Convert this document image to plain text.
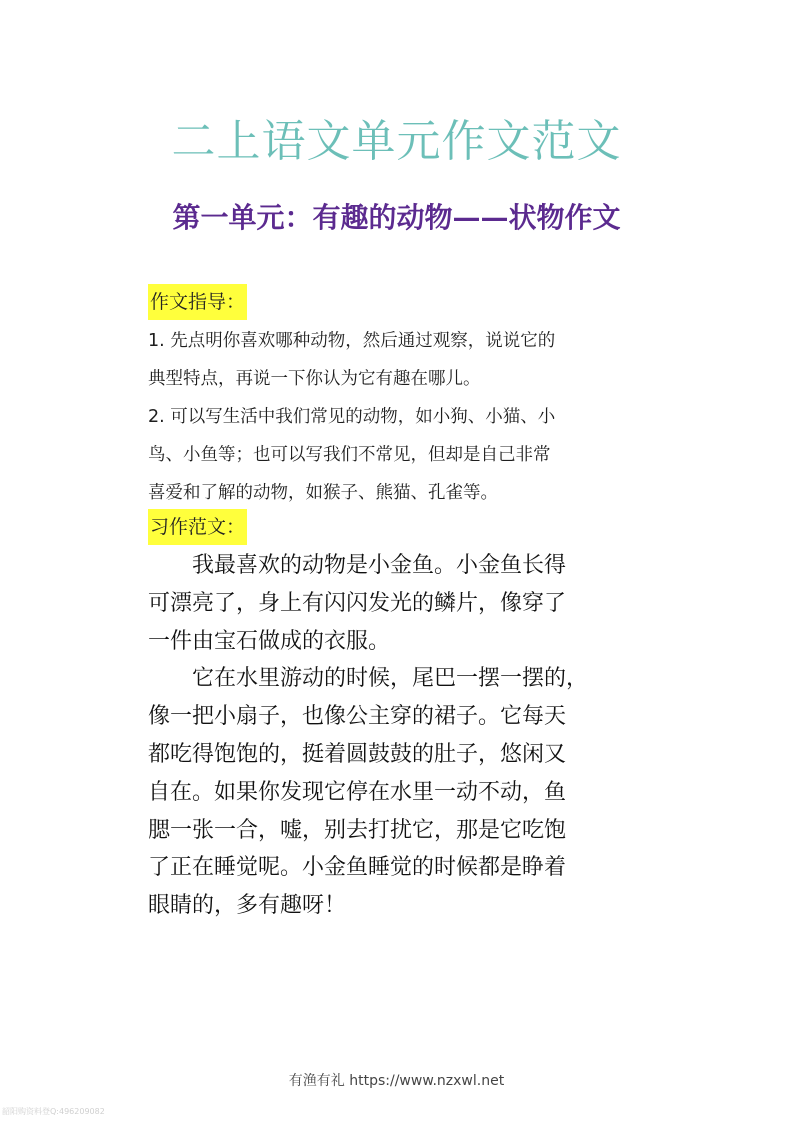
二上语文单元作文范文
第一单元：有趣的动物——状物作文
作文指导：
1. 先点明你喜欢哪种动物，然后通过观察，说说它的
典型特点，再说一下你认为它有趣在哪儿。
2. 可以写生活中我们常见的动物，如小狗、小猫、小
鸟、小鱼等；也可以写我们不常见，但却是自己非常
喜爱和了解的动物，如猴子、熊猫、孔雀等。
习作范文：
　　我最喜欢的动物是小金鱼。小金鱼长得
可漂亮了，身上有闪闪发光的鳞片，像穿了
一件由宝石做成的衣服。
　　它在水里游动的时候，尾巴一摆一摆的，
像一把小扇子，也像公主穿的裙子。它每天
都吃得饱饱的，挺着圆鼓鼓的肚子，悠闲又
自在。如果你发现它停在水里一动不动，鱼
腮一张一合，嘘，别去打扰它，那是它吃饱
了正在睡觉呢。小金鱼睡觉的时候都是睁着
眼睛的，多有趣呀！
有渔有礼 https://www.nzxwl.net
韶阳购资料登Q:496209082
